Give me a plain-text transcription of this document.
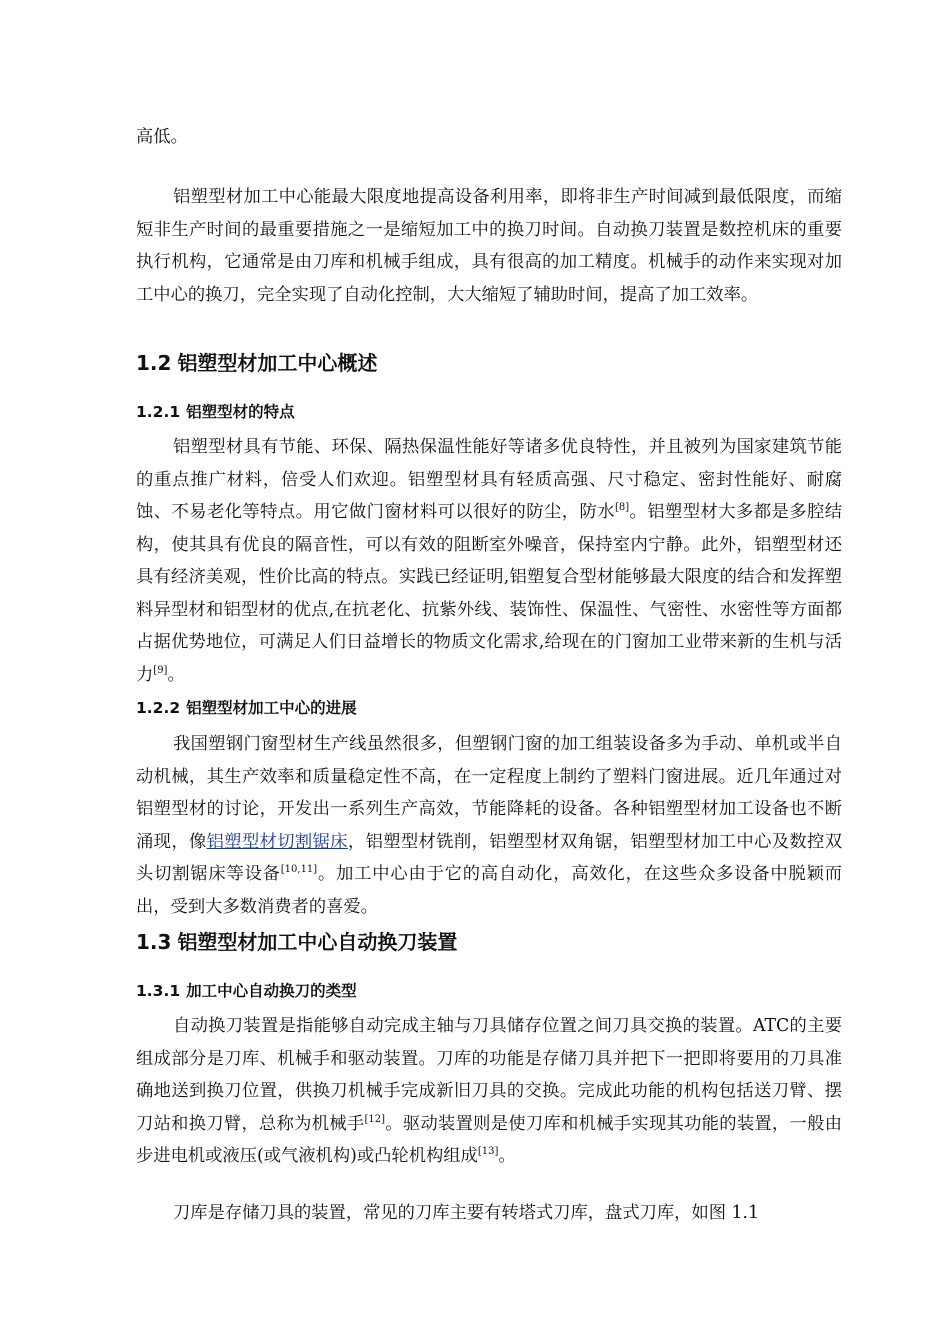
高低。

铝塑型材加工中心能最大限度地提高设备利用率，即将非生产时间减到最低限度，而缩短非生产时间的最重要措施之一是缩短加工中的换刀时间。自动换刀装置是数控机床的重要执行机构，它通常是由刀库和机械手组成，具有很高的加工精度。机械手的动作来实现对加工中心的换刀，完全实现了自动化控制，大大缩短了辅助时间，提高了加工效率。

1.2 铝塑型材加工中心概述
1.2.1 铝塑型材的特点

铝塑型材具有节能、环保、隔热保温性能好等诸多优良特性，并且被列为国家建筑节能的重点推广材料，倍受人们欢迎。铝塑型材具有轻质高强、尺寸稳定、密封性能好、耐腐蚀、不易老化等特点。用它做门窗材料可以很好的防尘，防水[8]。铝塑型材大多都是多腔结构，使其具有优良的隔音性，可以有效的阻断室外噪音，保持室内宁静。此外，铝塑型材还具有经济美观，性价比高的特点。实践已经证明,铝塑复合型材能够最大限度的结合和发挥塑料异型材和铝型材的优点,在抗老化、抗紫外线、装饰性、保温性、气密性、水密性等方面都占据优势地位，可满足人们日益增长的物质文化需求,给现在的门窗加工业带来新的生机与活力[9]。

1.2.2 铝塑型材加工中心的进展

我国塑钢门窗型材生产线虽然很多，但塑钢门窗的加工组装设备多为手动、单机或半自动机械，其生产效率和质量稳定性不高，在一定程度上制约了塑料门窗进展。近几年通过对铝塑型材的讨论，开发出一系列生产高效，节能降耗的设备。各种铝塑型材加工设备也不断涌现，像铝塑型材切割锯床，铝塑型材铣削，铝塑型材双角锯，铝塑型材加工中心及数控双头切割锯床等设备[10,11]。加工中心由于它的高自动化，高效化，在这些众多设备中脱颖而出，受到大多数消费者的喜爱。

1.3 铝塑型材加工中心自动换刀装置
1.3.1 加工中心自动换刀的类型

自动换刀装置是指能够自动完成主轴与刀具储存位置之间刀具交换的装置。ATC的主要组成部分是刀库、机械手和驱动装置。刀库的功能是存储刀具并把下一把即将要用的刀具准确地送到换刀位置，供换刀机械手完成新旧刀具的交换。完成此功能的机构包括送刀臂、摆刀站和换刀臂，总称为机械手[12]。驱动装置则是使刀库和机械手实现其功能的装置，一般由步进电机或液压(或气液机构)或凸轮机构组成[13]。

刀库是存储刀具的装置，常见的刀库主要有转塔式刀库，盘式刀库，如图 1.1
